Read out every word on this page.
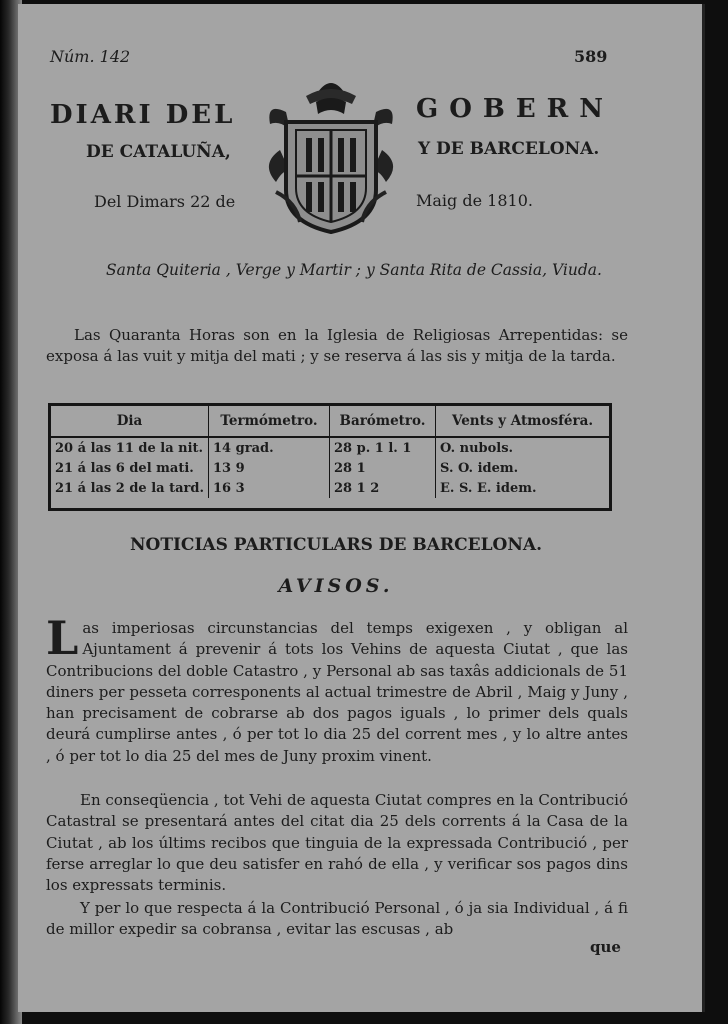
Núm. 142	589
DIARI DEL	GOBERN
DE CATALUÑA,	Y DE BARCELONA.
Del Dimars 22 de	Maig de 1810.
Santa Quiteria , Verge y Martir ; y Santa Rita de Cassia, Viuda.
Las Quaranta Horas son en la Iglesia de Religiosas Arrepentidas: se exposa á las vuit y mitja del mati ; y se reserva á las sis y mitja de la tarda.
Dia	Termómetro.	Barómetro.	Vents y Atmosféra.
20 á las 11 de la nit.	14 grad.	28 p. 1 l. 1	O. nubols.
21 á las 6 del mati.	13 9	28 1	S. O. idem.
21 á las 2 de la tard.	16 3	28 1 2	E. S. E. idem.
NOTICIAS PARTICULARS DE BARCELONA.
AVISOS.
Las imperiosas circunstancias del temps exigexen , y obligan al Ajuntament á prevenir á tots los Vehins de aquesta Ciutat , que las Contribucions del doble Catastro , y Personal ab sas taxâs addicionals de 51 diners per pesseta corresponents al actual trimestre de Abril , Maig y Juny , han precisament de cobrarse ab dos pagos iguals , lo primer dels quals deurá cumplirse antes , ó per tot lo dia 25 del corrent mes , y lo altre antes , ó per tot lo dia 25 del mes de Juny proxim vinent.
En conseqüencia , tot Vehi de aquesta Ciutat compres en la Contribució Catastral se presentará antes del citat dia 25 dels corrents á la Casa de la Ciutat , ab los últims recibos que tinguia de la expressada Contribució , per ferse arreglar lo que deu satisfer en rahó de ella , y verificar sos pagos dins los expressats terminis.
Y per lo que respecta á la Contribució Personal , ó ja sia Individual , á fi de millor expedir sa cobransa , evitar las escusas , ab
que
